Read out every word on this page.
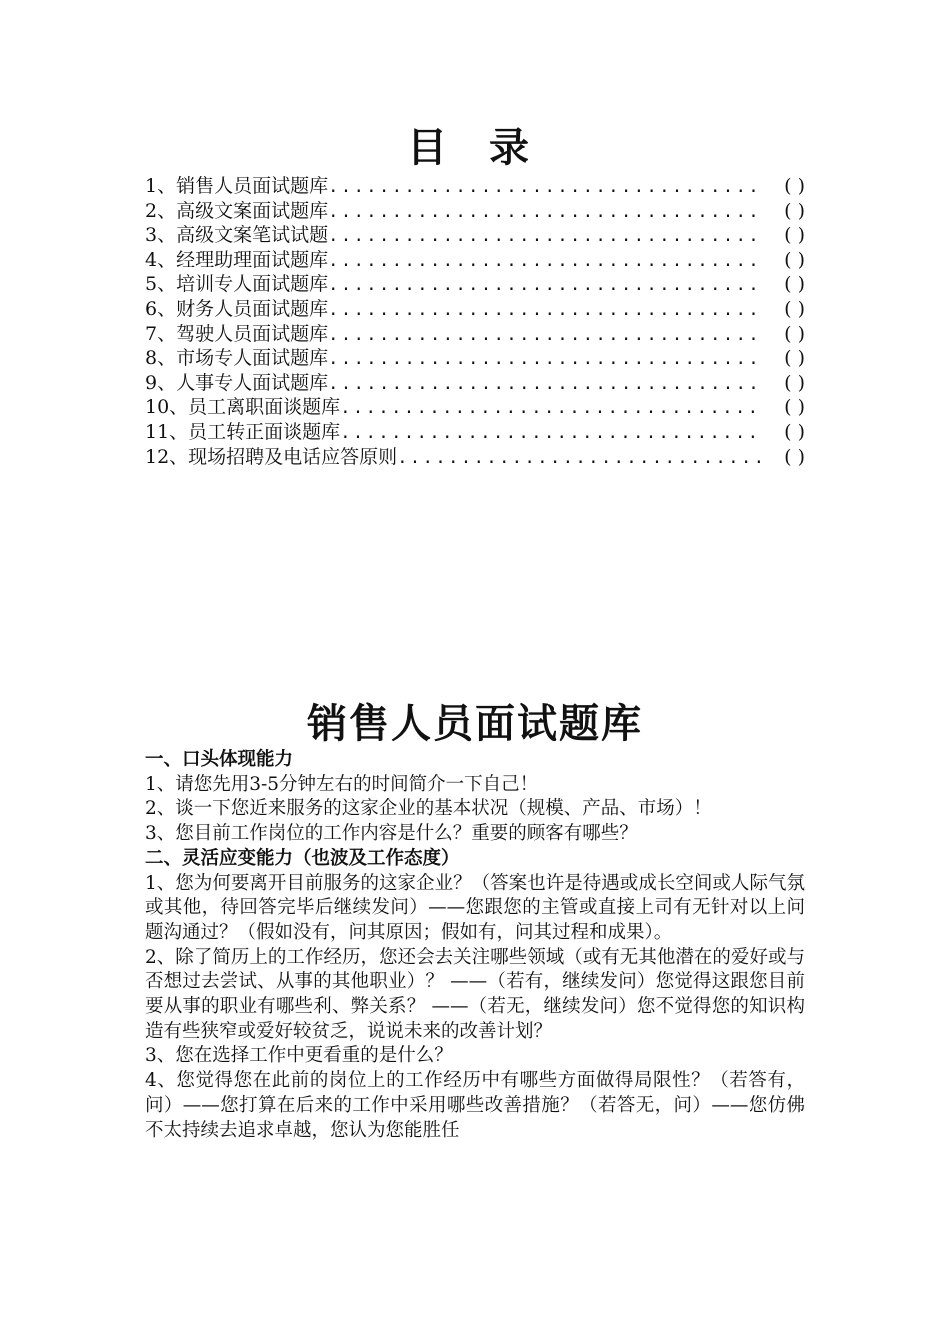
目 录
1、销售人员面试题库 .....	( )
2、高级文案面试题库 .....	( )
3、高级文案笔试试题 .....	( )
4、经理助理面试题库 .....	( )
5、培训专人面试题库 .....	( )
6、财务人员面试题库 .....	( )
7、驾驶人员面试题库 .....	( )
8、市场专人面试题库 .....	( )
9、人事专人面试题库 .....	( )
10、员工离职面谈题库 .....	( )
11、员工转正面谈题库 .....	( )
12、现场招聘及电话应答原则 .....	( )
销售人员面试题库

一、口头体现能力

1、请您先用3-5分钟左右的时间简介一下自己！

2、谈一下您近来服务的这家企业的基本状况（规模、产品、市场）！

3、您目前工作岗位的工作内容是什么？重要的顾客有哪些？

二、灵活应变能力（也波及工作态度）

1、您为何要离开目前服务的这家企业？（答案也许是待遇或成长空间或人际气氛或其他，待回答完毕后继续发问）——您跟您的主管或直接上司有无针对以上问题沟通过？（假如没有，问其原因；假如有，问其过程和成果）。

2、除了简历上的工作经历，您还会去关注哪些领域（或有无其他潜在的爱好或与否想过去尝试、从事的其他职业）？ ——（若有，继续发问）您觉得这跟您目前要从事的职业有哪些利、弊关系？ ——（若无，继续发问）您不觉得您的知识构造有些狭窄或爱好较贫乏，说说未来的改善计划？

3、您在选择工作中更看重的是什么？

4、您觉得您在此前的岗位上的工作经历中有哪些方面做得局限性？（若答有，问）——您打算在后来的工作中采用哪些改善措施？（若答无，问）——您仿佛不太持续去追求卓越，您认为您能胜任
